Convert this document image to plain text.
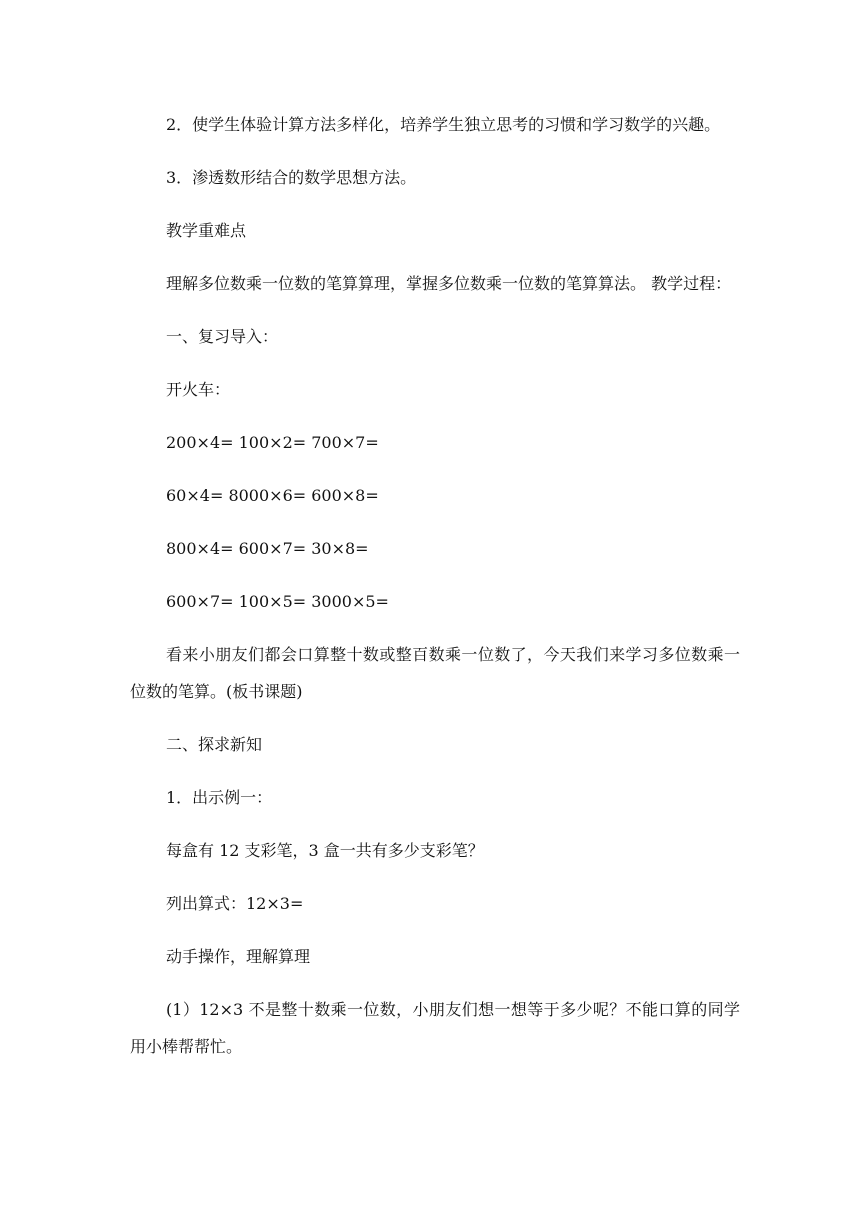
2．使学生体验计算方法多样化，培养学生独立思考的习惯和学习数学的兴趣。

3．渗透数形结合的数学思想方法。

教学重难点

理解多位数乘一位数的笔算算理，掌握多位数乘一位数的笔算算法。 教学过程：

一、复习导入：

开火车：

200×4= 100×2= 700×7=

60×4= 8000×6= 600×8=

800×4= 600×7= 30×8=

600×7= 100×5= 3000×5=

看来小朋友们都会口算整十数或整百数乘一位数了，今天我们来学习多位数乘一位数的笔算。(板书课题)

二、探求新知

1．出示例一：

每盒有 12 支彩笔，3 盒一共有多少支彩笔？

列出算式：12×3=

动手操作，理解算理

(1）12×3 不是整十数乘一位数，小朋友们想一想等于多少呢？不能口算的同学用小棒帮帮忙。
